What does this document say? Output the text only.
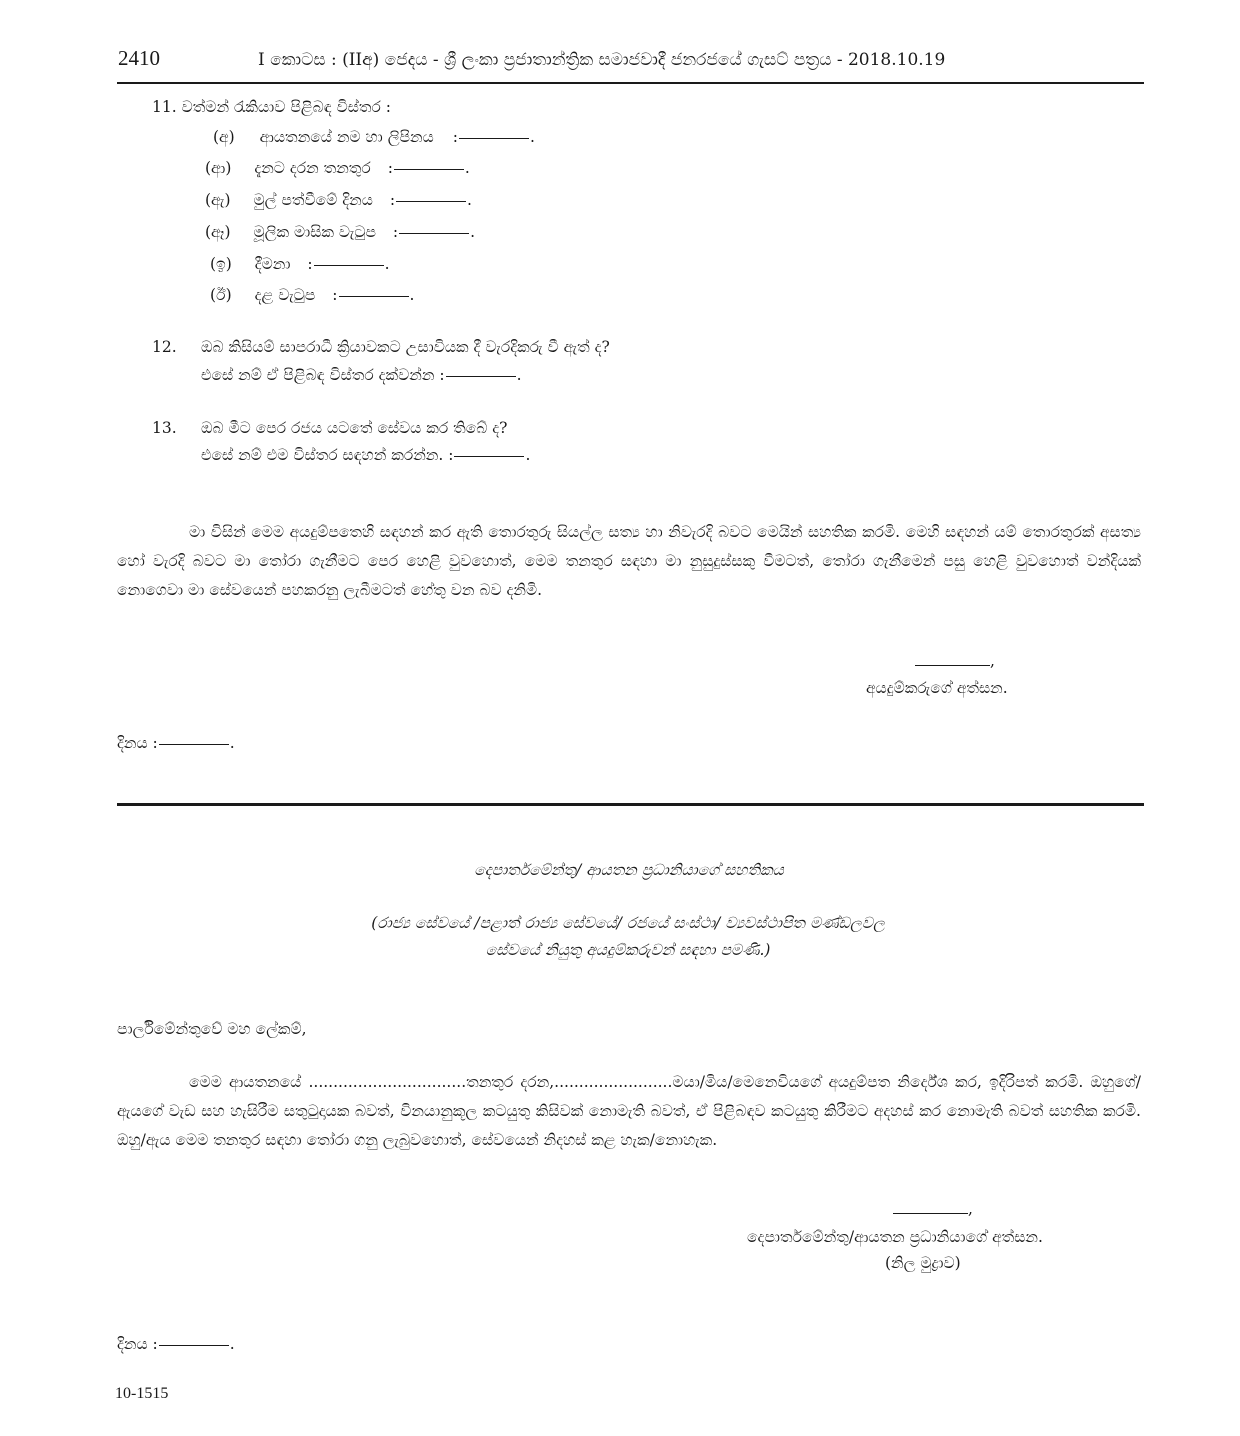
2410	I කොටස : (IIඅ) ජෙදය - ශ්‍රී ලංකා ප්‍රජාතාන්ත්‍රික සමාජවාදී ජනරජයේ ගැසට් පත්‍රය - 2018.10.19
11. වත්මන් රැකියාව පිළිබඳ විස්තර :
(අ) ආයතනයේ නම හා ලිපිනය :	.
(ආ) දැනට දරන තනතුර :	.
(ඇ) මුල් පත්වීමේ දිනය :	.
(ඈ) මූලික මාසික වැටුප :	.
(ඉ) දීමනා :	.
(ඊ) දළ වැටුප :	.
12. ඔබ කිසියම් සාපරාධී ක්‍රියාවකට උසාවියක දී වැරදිකරු වී ඇත් ද?
එසේ නම් ඒ පිළිබඳ විස්තර දක්වන්න :	.
13. ඔබ මීට පෙර රජය යටතේ සේවය කර තිබේ ද?
එසේ නම් එම විස්තර සඳහන් කරන්න. :	.
මා විසින් මෙම අයදුම්පතෙහි සඳහන් කර ඇති තොරතුරු සියල්ල සත්‍ය හා නිවැරදි බවට මෙයින් සහතික කරමි. මෙහි සඳහන් යම් තොරතුරක් අසත්‍ය හෝ වැරදි බවට මා තෝරා ගැනීමට පෙර හෙළි වුවහොත්, මෙම තනතුර සඳහා මා නුසුදුස්සකු වීමටත්, තෝරා ගැනීමෙන් පසු හෙළි වුවහොත් වන්දියක් නොගෙවා මා සේවයෙන් පහකරනු ලැබීමටත් හේතු වන බව දනිමි.
,
අයදුම්කරුගේ අත්සන.
දිනය :	.
දෙපාර්තමේන්තු/ ආයතන ප්‍රධානියාගේ සහතිකය
(රාජ්‍ය සේවයේ /පළාත් රාජ්‍ය සේවයේ/ රජයේ සංස්ථා/ ව්‍යවස්ථාපිත මණ්ඩලවල
සේවයේ නියුතු අයදුම්කරුවන් සඳහා පමණි.)
පාර්ලිමේන්තුවේ මහ ලේකම්,
මෙම ආයතනයේ ................................තනතුර දරන,........................මයා/මිය/මෙනෙවියගේ අයදුම්පත නිර්දේශ කර, ඉදිරිපත් කරමි. ඔහුගේ/ඇයගේ වැඩ සහ හැසිරීම සතුටුදායක බවත්, විනයානුකූල කටයුතු කිසිවක් නොමැති බවත්, ඒ පිළිබඳව කටයුතු කිරීමට අදහස් කර නොමැති බවත් සහතික කරමි. ඔහු/ඇය මෙම තනතුර සඳහා තෝරා ගනු ලැබුවහොත්, සේවයෙන් නිදහස් කළ හැක/නොහැක.
,
දෙපාර්තමේන්තු/ආයතන ප්‍රධානියාගේ අත්සන.
(නිල මුද්‍රාව)
දිනය :	.
10-1515
